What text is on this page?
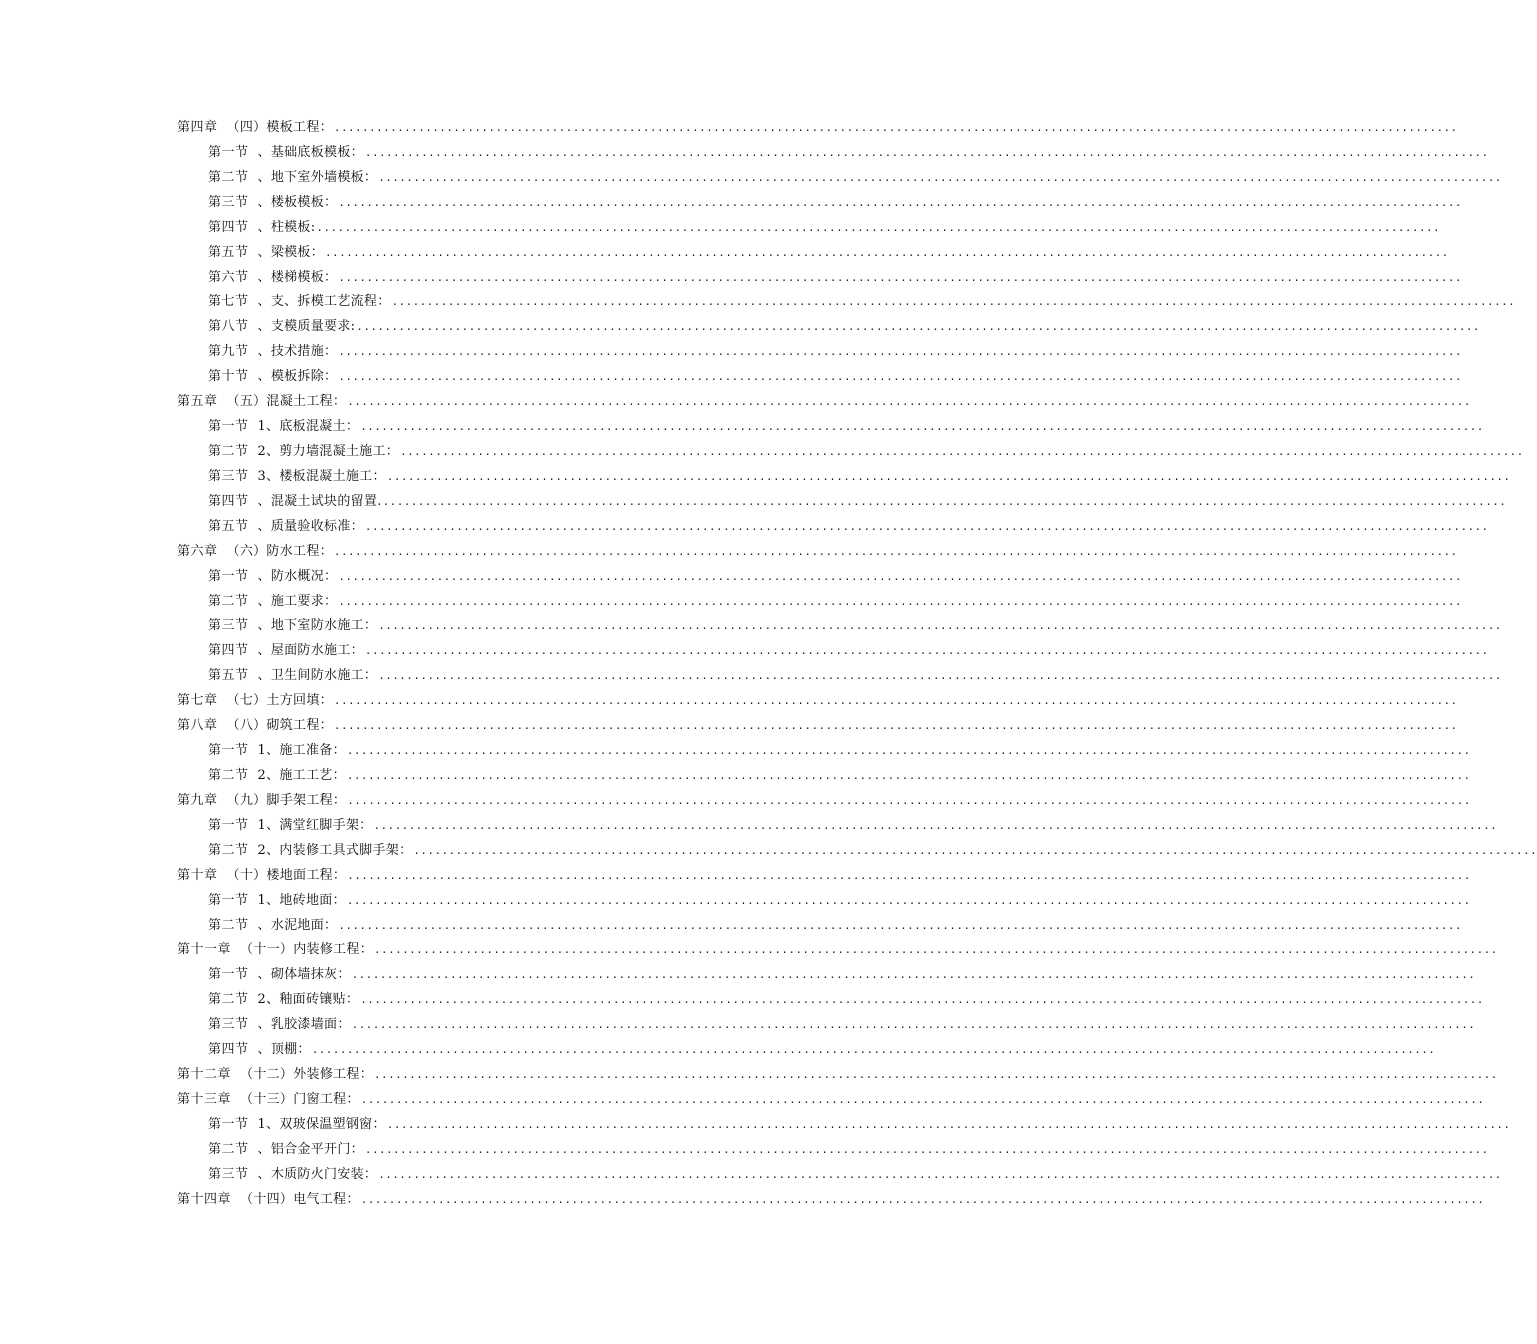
第四章 （四）模板工程： ................................................................................................................................................................
第一节 、基础底板模板： ................................................................................................................................................................
第二节 、地下室外墙模板： ................................................................................................................................................................
第三节 、楼板模板： ................................................................................................................................................................
第四节 、柱模板: ................................................................................................................................................................
第五节 、梁模板： ................................................................................................................................................................
第六节 、楼梯模板： ................................................................................................................................................................
第七节 、支、拆模工艺流程： ................................................................................................................................................................
第八节 、支模质量要求: ................................................................................................................................................................
第九节 、技术措施： ................................................................................................................................................................
第十节 、模板拆除： ................................................................................................................................................................
第五章 （五）混凝土工程： ................................................................................................................................................................
第一节 1、底板混凝土： ................................................................................................................................................................
第二节 2、剪力墙混凝土施工： ................................................................................................................................................................
第三节 3、楼板混凝土施工： ................................................................................................................................................................
第四节 、混凝土试块的留置. ................................................................................................................................................................
第五节 、质量验收标准： ................................................................................................................................................................
第六章 （六）防水工程： ................................................................................................................................................................
第一节 、防水概况： ................................................................................................................................................................
第二节 、施工要求： ................................................................................................................................................................
第三节 、地下室防水施工： ................................................................................................................................................................
第四节 、屋面防水施工： ................................................................................................................................................................
第五节 、卫生间防水施工： ................................................................................................................................................................
第七章 （七）土方回填： ................................................................................................................................................................
第八章 （八）砌筑工程： ................................................................................................................................................................
第一节 1、施工准备： ................................................................................................................................................................
第二节 2、施工工艺： ................................................................................................................................................................
第九章 （九）脚手架工程： ................................................................................................................................................................
第一节 1、满堂红脚手架： ................................................................................................................................................................
第二节 2、内装修工具式脚手架： ................................................................................................................................................................
第十章 （十）楼地面工程： ................................................................................................................................................................
第一节 1、地砖地面： ................................................................................................................................................................
第二节 、水泥地面： ................................................................................................................................................................
第十一章 （十一）内装修工程： ................................................................................................................................................................
第一节 、砌体墙抹灰： ................................................................................................................................................................
第二节 2、釉面砖镶贴： ................................................................................................................................................................
第三节 、乳胶漆墙面： ................................................................................................................................................................
第四节 、顶棚： ................................................................................................................................................................
第十二章 （十二）外装修工程： ................................................................................................................................................................
第十三章 （十三）门窗工程： ................................................................................................................................................................
第一节 1、双玻保温塑钢窗： ................................................................................................................................................................
第二节 、铝合金平开门： ................................................................................................................................................................
第三节 、木质防火门安装： ................................................................................................................................................................
第十四章 （十四）电气工程： ................................................................................................................................................................
